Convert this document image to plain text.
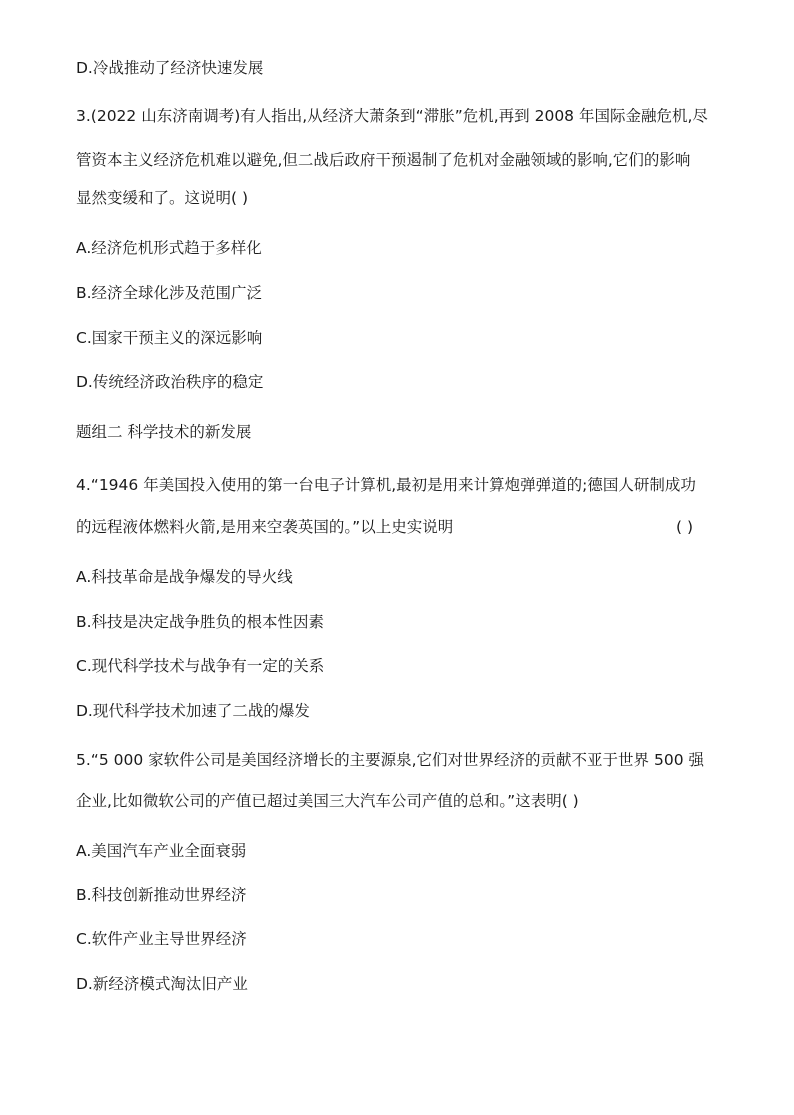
D.冷战推动了经济快速发展
3.(2022 山东济南调考)有人指出,从经济大萧条到“滞胀”危机,再到 2008 年国际金融危机,尽
管资本主义经济危机难以避免,但二战后政府干预遏制了危机对金融领域的影响,它们的影响
显然变缓和了。这说明( )
A.经济危机形式趋于多样化
B.经济全球化涉及范围广泛
C.国家干预主义的深远影响
D.传统经济政治秩序的稳定
题组二 科学技术的新发展
4.“1946 年美国投入使用的第一台电子计算机,最初是用来计算炮弹弹道的;德国人研制成功
的远程液体燃料火箭,是用来空袭英国的。”以上史实说明	( )
A.科技革命是战争爆发的导火线
B.科技是决定战争胜负的根本性因素
C.现代科学技术与战争有一定的关系
D.现代科学技术加速了二战的爆发
5.“5 000 家软件公司是美国经济增长的主要源泉,它们对世界经济的贡献不亚于世界 500 强
企业,比如微软公司的产值已超过美国三大汽车公司产值的总和。”这表明( )
A.美国汽车产业全面衰弱
B.科技创新推动世界经济
C.软件产业主导世界经济
D.新经济模式淘汰旧产业
